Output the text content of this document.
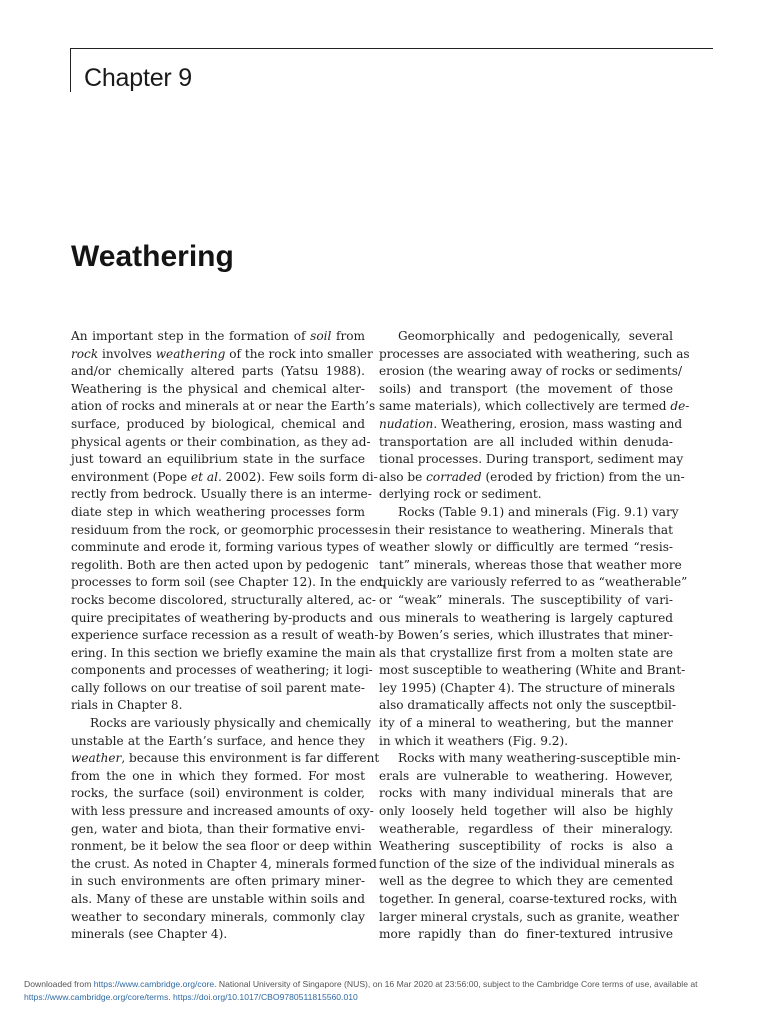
Chapter 9
Weathering
An important step in the formation of soil from
rock involves weathering of the rock into smaller
and/or chemically altered parts (Yatsu 1988).
Weathering is the physical and chemical alter-
ation of rocks and minerals at or near the Earth’s
surface, produced by biological, chemical and
physical agents or their combination, as they ad-
just toward an equilibrium state in the surface
environment (Pope et al. 2002). Few soils form di-
rectly from bedrock. Usually there is an interme-
diate step in which weathering processes form
residuum from the rock, or geomorphic processes
comminute and erode it, forming various types of
regolith. Both are then acted upon by pedogenic
processes to form soil (see Chapter 12). In the end,
rocks become discolored, structurally altered, ac-
quire precipitates of weathering by-products and
experience surface recession as a result of weath-
ering. In this section we briefly examine the main
components and processes of weathering; it logi-
cally follows on our treatise of soil parent mate-
rials in Chapter 8.
Rocks are variously physically and chemically
unstable at the Earth’s surface, and hence they
weather, because this environment is far different
from the one in which they formed. For most
rocks, the surface (soil) environment is colder,
with less pressure and increased amounts of oxy-
gen, water and biota, than their formative envi-
ronment, be it below the sea floor or deep within
the crust. As noted in Chapter 4, minerals formed
in such environments are often primary miner-
als. Many of these are unstable within soils and
weather to secondary minerals, commonly clay
minerals (see Chapter 4).
Geomorphically and pedogenically, several
processes are associated with weathering, such as
erosion (the wearing away of rocks or sediments/
soils) and transport (the movement of those
same materials), which collectively are termed de-
nudation. Weathering, erosion, mass wasting and
transportation are all included within denuda-
tional processes. During transport, sediment may
also be corraded (eroded by friction) from the un-
derlying rock or sediment.
Rocks (Table 9.1) and minerals (Fig. 9.1) vary
in their resistance to weathering. Minerals that
weather slowly or difficultly are termed “resis-
tant” minerals, whereas those that weather more
quickly are variously referred to as “weatherable”
or “weak” minerals. The susceptibility of vari-
ous minerals to weathering is largely captured
by Bowen’s series, which illustrates that miner-
als that crystallize first from a molten state are
most susceptible to weathering (White and Brant-
ley 1995) (Chapter 4). The structure of minerals
also dramatically affects not only the susceptbil-
ity of a mineral to weathering, but the manner
in which it weathers (Fig. 9.2).
Rocks with many weathering-susceptible min-
erals are vulnerable to weathering. However,
rocks with many individual minerals that are
only loosely held together will also be highly
weatherable, regardless of their mineralogy.
Weathering susceptibility of rocks is also a
function of the size of the individual minerals as
well as the degree to which they are cemented
together. In general, coarse-textured rocks, with
larger mineral crystals, such as granite, weather
more rapidly than do finer-textured intrusive
Downloaded from https://www.cambridge.org/core. National University of Singapore (NUS), on 16 Mar 2020 at 23:56:00, subject to the Cambridge Core terms of use, available at
https://www.cambridge.org/core/terms. https://doi.org/10.1017/CBO9780511815560.010
